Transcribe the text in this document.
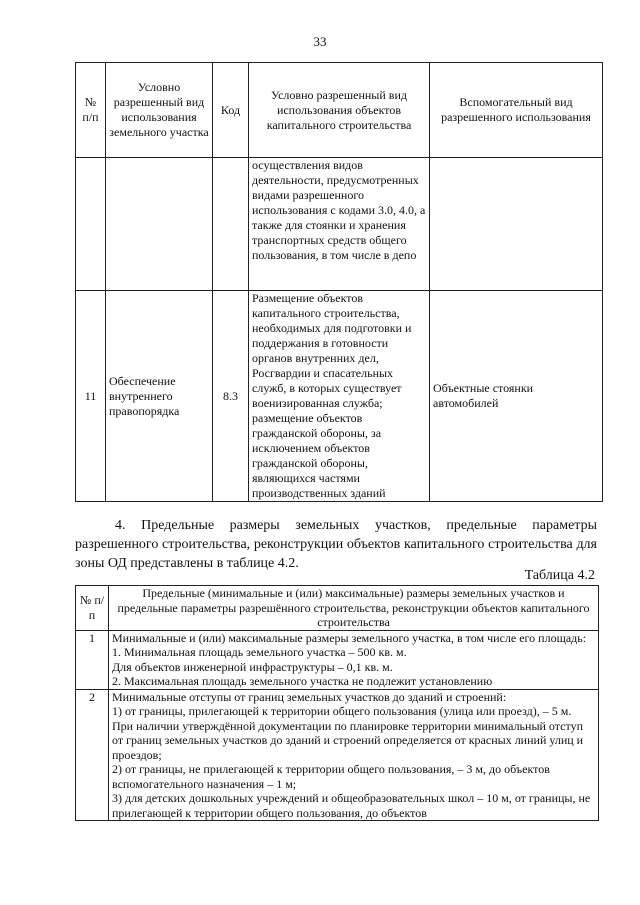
33
№ п/п	Условно разрешенный вид использования земельного участка	Код	Условно разрешенный вид использования объектов капитального строительства	Вспомогательный вид разрешенного использования
			осуществления видов деятельности, предусмотренных видами разрешенного использования с кодами 3.0, 4.0, а также для стоянки и хранения транспортных средств общего пользования, в том числе в депо	
11	Обеспечение внутреннего правопорядка	8.3	Размещение объектов капитального строительства, необходимых для подготовки и поддержания в готовности органов внутренних дел, Росгвардии и спасательных служб, в которых существует военизированная служба; размещение объектов гражданской обороны, за исключением объектов гражданской обороны, являющихся частями производственных зданий	Объектные стоянки автомобилей
4. Предельные размеры земельных участков, предельные параметры разрешенного строительства, реконструкции объектов капитального строительства для зоны ОД представлены в таблице 4.2.
Таблица 4.2
№ п/п	Предельные (минимальные и (или) максимальные) размеры земельных участков и предельные параметры разрешённого строительства, реконструкции объектов капитального строительства
1	Минимальные и (или) максимальные размеры земельного участка, в том числе его площадь:
1. Минимальная площадь земельного участка – 500 кв. м.
Для объектов инженерной инфраструктуры – 0,1 кв. м.
2. Максимальная площадь земельного участка не подлежит установлению

2	Минимальные отступы от границ земельных участков до зданий и строений:
1) от границы, прилегающей к территории общего пользования (улица или проезд), – 5 м. При наличии утверждённой документации по планировке территории минимальный отступ от границ земельных участков до зданий и строений определяется от красных линий улиц и проездов;
2) от границы, не прилегающей к территории общего пользования, – 3 м, до объектов вспомогательного назначения – 1 м;
3) для детских дошкольных учреждений и общеобразовательных школ – 10 м, от границы, не прилегающей к территории общего пользования, до объектов
